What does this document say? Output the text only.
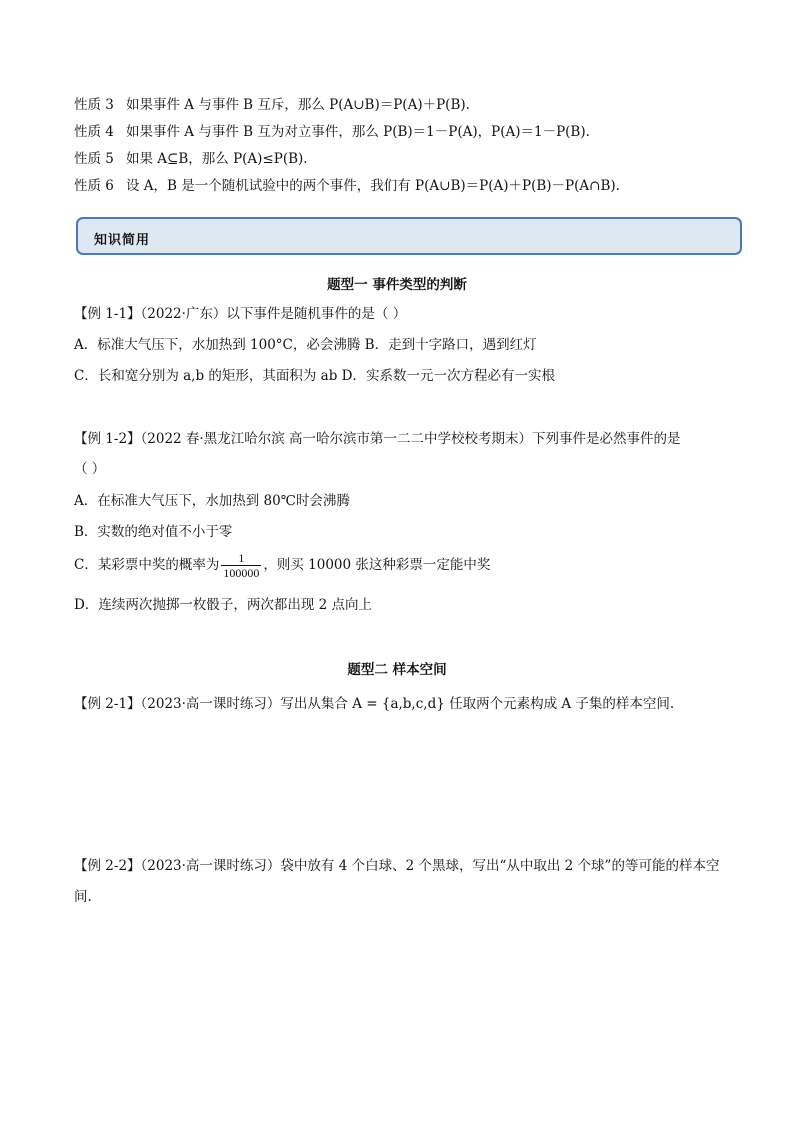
性质 3 如果事件 A 与事件 B 互斥，那么 P(A∪B)＝P(A)＋P(B).
性质 4 如果事件 A 与事件 B 互为对立事件，那么 P(B)＝1－P(A)，P(A)＝1－P(B).
性质 5 如果 A⊆B，那么 P(A)≤P(B).
性质 6 设 A，B 是一个随机试验中的两个事件，我们有 P(A∪B)＝P(A)＋P(B)－P(A∩B).
知识简用
题型一 事件类型的判断
【例 1-1】（2022·广东）以下事件是随机事件的是（ ）
A．标准大气压下，水加热到 100°C，必会沸腾 B．走到十字路口，遇到红灯
C．长和宽分别为 a,b 的矩形，其面积为 ab D．实系数一元一次方程必有一实根
【例 1-2】（2022 春·黑龙江哈尔滨 高一哈尔滨市第一二二中学校校考期末）下列事件是必然事件的是
（ ）
A．在标准大气压下，水加热到 80℃时会沸腾
B．实数的绝对值不小于零
C．某彩票中奖的概率为 $\frac{1}{100000}$ ，则买 10000 张这种彩票一定能中奖
D．连续两次抛掷一枚骰子，两次都出现 2 点向上
题型二 样本空间
【例 2-1】（2023·高一课时练习）写出从集合 A = {a,b,c,d} 任取两个元素构成 A 子集的样本空间.
【例 2-2】（2023·高一课时练习）袋中放有 4 个白球、2 个黑球，写出“从中取出 2 个球”的等可能的样本空
间.
